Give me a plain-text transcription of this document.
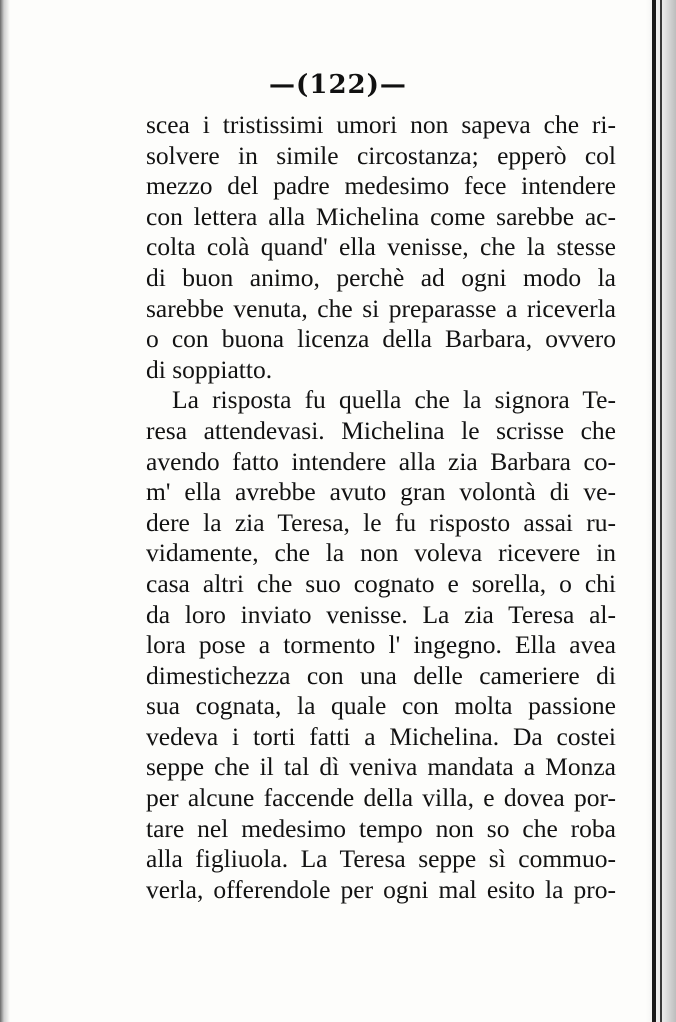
—(122)—
scea i tristissimi umori non sapeva che ri-
solvere in simile circostanza; epperò col
mezzo del padre medesimo fece intendere
con lettera alla Michelina come sarebbe ac-
colta colà quand' ella venisse, che la stesse
di buon animo, perchè ad ogni modo la
sarebbe venuta, che si preparasse a riceverla
o con buona licenza della Barbara, ovvero
di soppiatto.
La risposta fu quella che la signora Te-
resa attendevasi. Michelina le scrisse che
avendo fatto intendere alla zia Barbara co-
m' ella avrebbe avuto gran volontà di ve-
dere la zia Teresa, le fu risposto assai ru-
vidamente, che la non voleva ricevere in
casa altri che suo cognato e sorella, o chi
da loro inviato venisse. La zia Teresa al-
lora pose a tormento l' ingegno. Ella avea
dimestichezza con una delle cameriere di
sua cognata, la quale con molta passione
vedeva i torti fatti a Michelina. Da costei
seppe che il tal dì veniva mandata a Monza
per alcune faccende della villa, e dovea por-
tare nel medesimo tempo non so che roba
alla figliuola. La Teresa seppe sì commuo-
verla, offerendole per ogni mal esito la pro-
